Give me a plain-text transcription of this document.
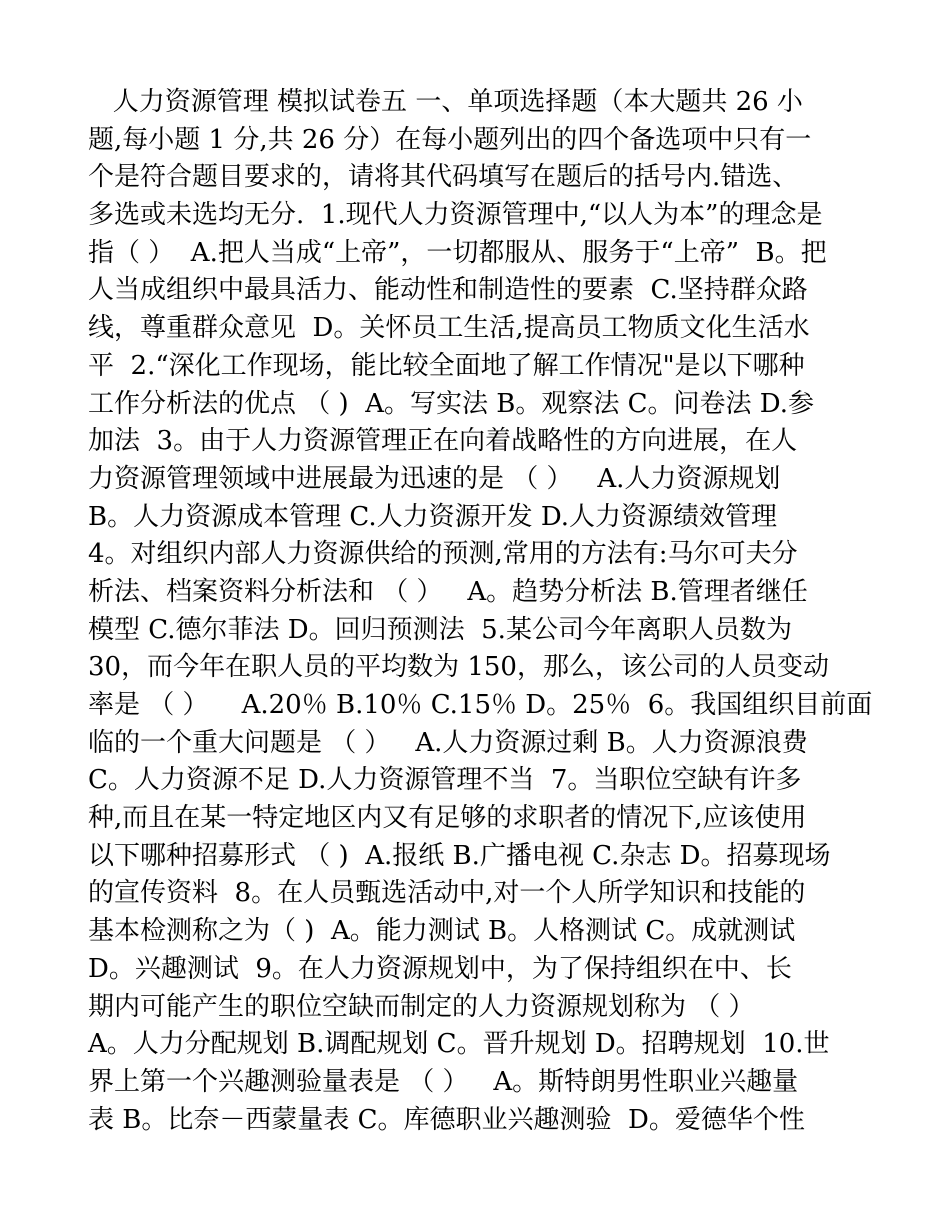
人力资源管理 模拟试卷五 一、单项选择题（本大题共 26 小
题,每小题 1 分,共 26 分）在每小题列出的四个备选项中只有一
个是符合题目要求的，请将其代码填写在题后的括号内.错选、
多选或未选均无分.  1.现代人力资源管理中,“以人为本”的理念是
指（ ）  A.把人当成“上帝”，一切都服从、服务于“上帝”  B。把
人当成组织中最具活力、能动性和制造性的要素  C.坚持群众路
线，尊重群众意见  D。关怀员工生活,提高员工物质文化生活水
平  2.“深化工作现场，能比较全面地了解工作情况"是以下哪种
工作分析法的优点 （ )  A。写实法 B。观察法 C。问卷法 D.参
加法  3。由于人力资源管理正在向着战略性的方向进展，在人
力资源管理领域中进展最为迅速的是 （ ）   A.人力资源规划
B。人力资源成本管理 C.人力资源开发 D.人力资源绩效管理
4。对组织内部人力资源供给的预测,常用的方法有:马尔可夫分
析法、档案资料分析法和 （ ）   A。趋势分析法 B.管理者继任
模型 C.德尔菲法 D。回归预测法  5.某公司今年离职人员数为
30，而今年在职人员的平均数为 150，那么，该公司的人员变动
率是 （ ）    A.20％ B.10％ C.15％ D。25％  6。我国组织目前面
临的一个重大问题是 （ ）   A.人力资源过剩 B。人力资源浪费
C。人力资源不足 D.人力资源管理不当  7。当职位空缺有许多
种,而且在某一特定地区内又有足够的求职者的情况下,应该使用
以下哪种招募形式 （ )  A.报纸 B.广播电视 C.杂志 D。招募现场
的宣传资料  8。在人员甄选活动中,对一个人所学知识和技能的
基本检测称之为（ )  A。能力测试 B。人格测试 C。成就测试
D。兴趣测试  9。在人力资源规划中，为了保持组织在中、长
期内可能产生的职位空缺而制定的人力资源规划称为 （ ）
A。人力分配规划 B.调配规划 C。晋升规划 D。招聘规划  10.世
界上第一个兴趣测验量表是 （ ）   A。斯特朗男性职业兴趣量
表 B。比奈－西蒙量表 C。库德职业兴趣测验  D。爱德华个性
